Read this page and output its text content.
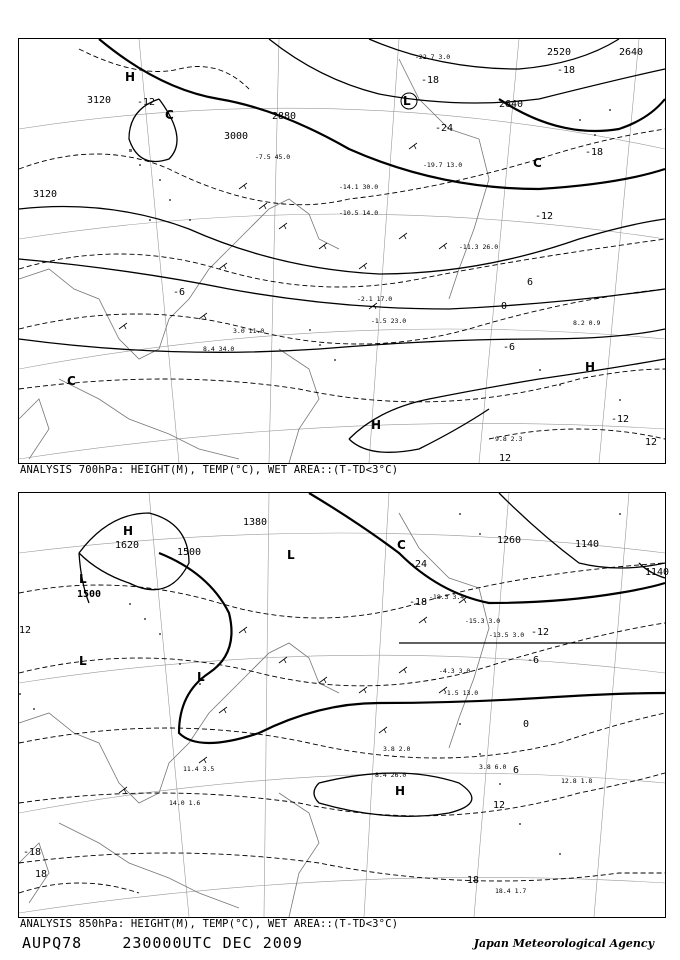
3120
3120
3000
2880
2640
2520	2640
-12
-6
-18
-24
-18
-12
-6
0
6
12
-12
-18
12
H
C
L
C
C
H
H
-7.5 45.0
-14.1 30.0
-10.5 14.0
-11.3 26.0
-2.1 17.0
-1.5 23.0
3.0 11.0
8.4 34.0
9.8 2.3
8.2 0.9
-22.7 3.0
-19.7 13.0
ANALYSIS 700hPa: HEIGHT(M), TEMP(°C), WET AREA::(T-TD<3°C)
1380
1500
1500
1620	1260	1140
1140
-24
-18
-12
-6
0
6
12
18
18
-18
12
H
L
L
L
L
C
H
-18.3 3.4
-15.3 3.0
-13.5 3.0
-4.3 3.0
-1.5 13.0
3.8 2.0
8.4 26.0
3.8 6.0
12.8 1.8
11.4 3.5
14.0 1.6
18.4 1.7
ANALYSIS 850hPa: HEIGHT(M), TEMP(°C), WET AREA::(T-TD<3°C)
AUPQ78	230000UTC DEC 2009	Japan Meteorological Agency
